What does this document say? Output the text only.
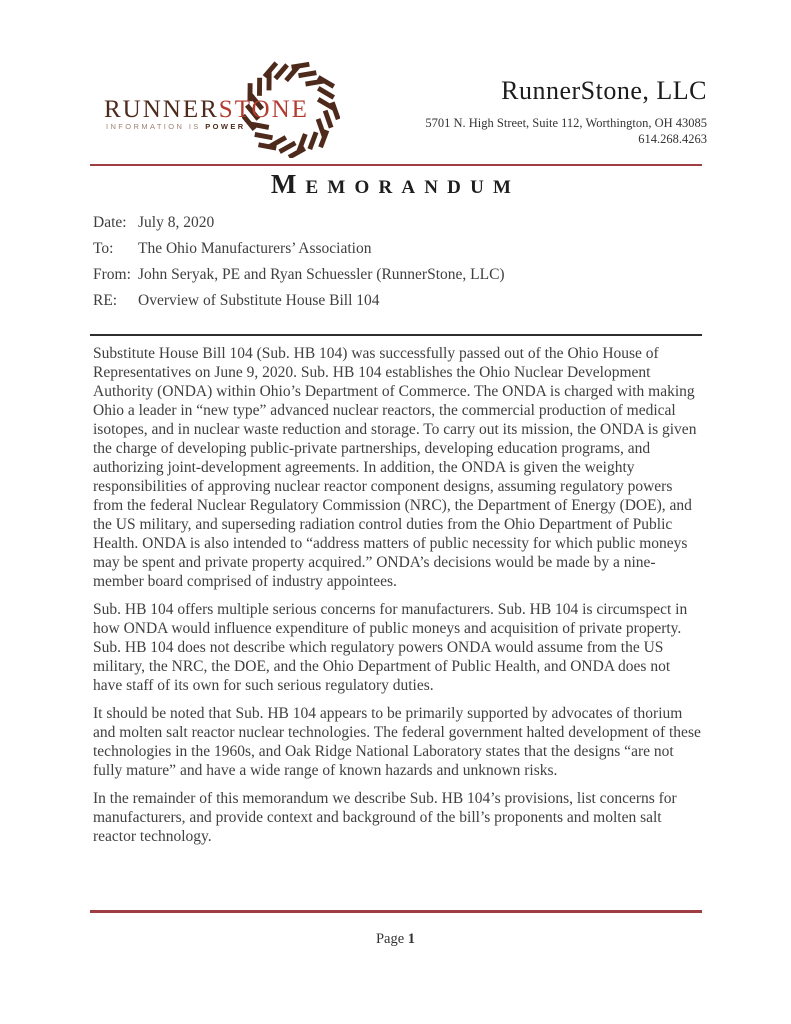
RUNNERSTONE
INFORMATION IS POWER
RunnerStone, LLC
5701 N. High Street, Suite 112, Worthington, OH 43085
614.268.4263
Memorandum
Date: July 8, 2020
To:	The Ohio Manufacturers’ Association
From: John Seryak, PE and Ryan Schuessler (RunnerStone, LLC)
RE:	Overview of Substitute House Bill 104

Substitute House Bill 104 (Sub. HB 104) was successfully passed out of the Ohio House of Representatives on June 9, 2020. Sub. HB 104 establishes the Ohio Nuclear Development Authority (ONDA) within Ohio’s Department of Commerce. The ONDA is charged with making Ohio a leader in “new type” advanced nuclear reactors, the commercial production of medical isotopes, and in nuclear waste reduction and storage. To carry out its mission, the ONDA is given the charge of developing public-private partnerships, developing education programs, and authorizing joint-development agreements. In addition, the ONDA is given the weighty responsibilities of approving nuclear reactor component designs, assuming regulatory powers from the federal Nuclear Regulatory Commission (NRC), the Department of Energy (DOE), and the US military, and superseding radiation control duties from the Ohio Department of Public Health. ONDA is also intended to “address matters of public necessity for which public moneys may be spent and private property acquired.” ONDA’s decisions would be made by a nine-member board comprised of industry appointees.

Sub. HB 104 offers multiple serious concerns for manufacturers. Sub. HB 104 is circumspect in how ONDA would influence expenditure of public moneys and acquisition of private property. Sub. HB 104 does not describe which regulatory powers ONDA would assume from the US military, the NRC, the DOE, and the Ohio Department of Public Health, and ONDA does not have staff of its own for such serious regulatory duties.

It should be noted that Sub. HB 104 appears to be primarily supported by advocates of thorium and molten salt reactor nuclear technologies. The federal government halted development of these technologies in the 1960s, and Oak Ridge National Laboratory states that the designs “are not fully mature” and have a wide range of known hazards and unknown risks.

In the remainder of this memorandum we describe Sub. HB 104’s provisions, list concerns for manufacturers, and provide context and background of the bill’s proponents and molten salt reactor technology.

Page 1
